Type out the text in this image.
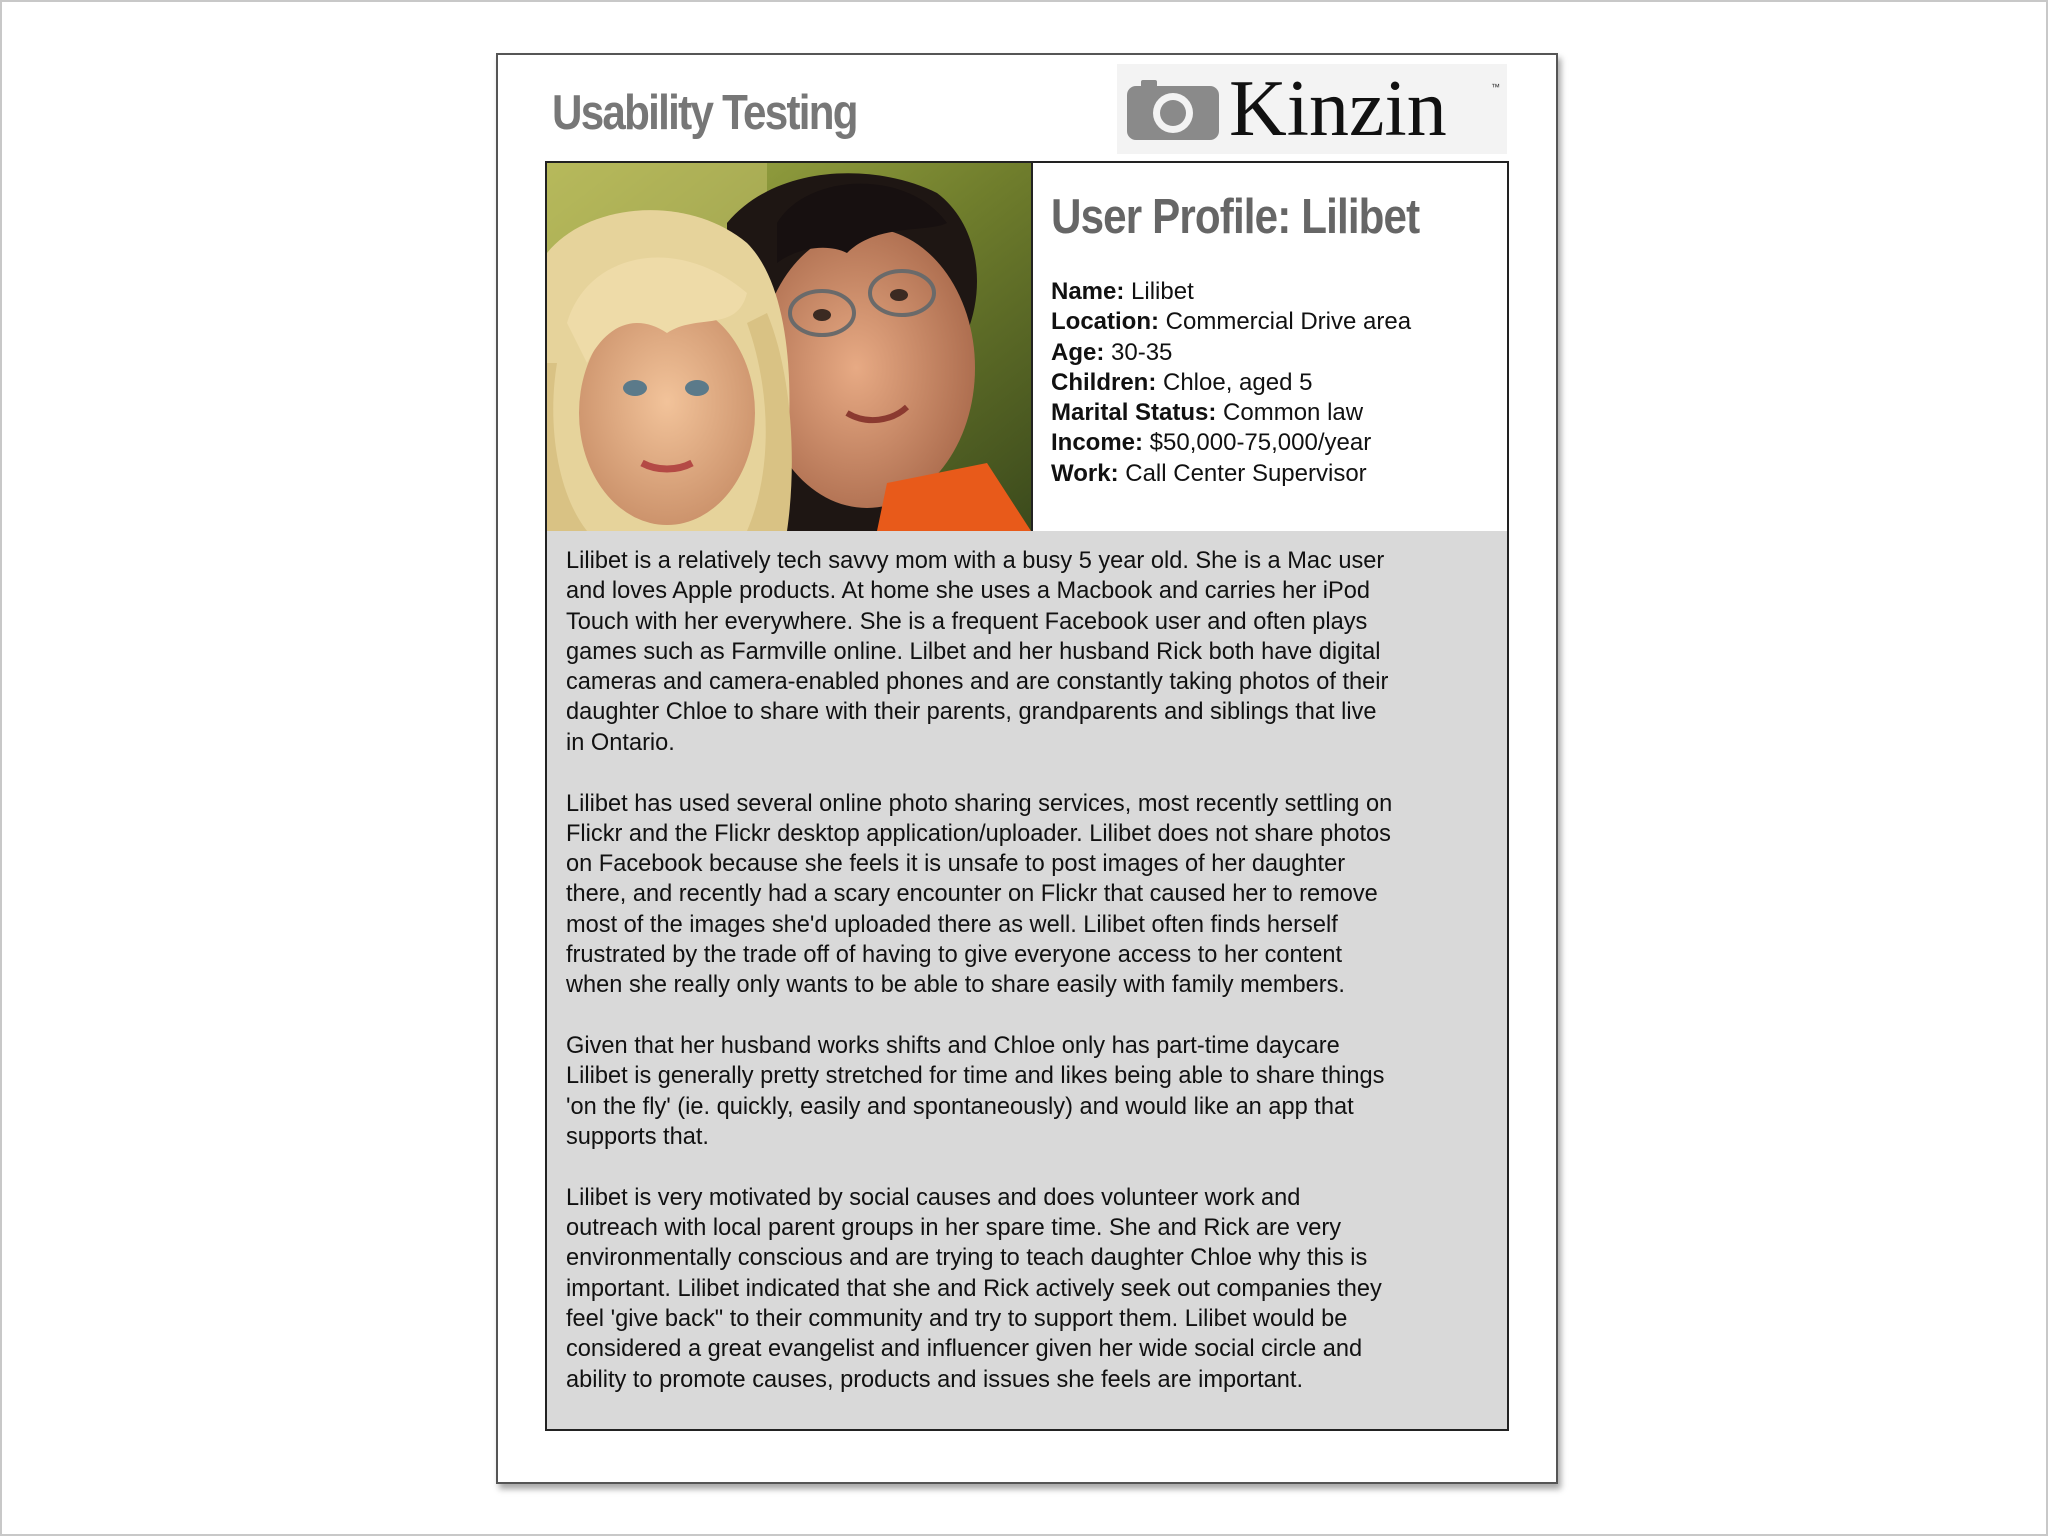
Usability Testing	Kinzin	™
User Profile: Lilibet
Name: Lilibet
Location: Commercial Drive area
Age: 30-35
Children: Chloe, aged 5
Marital Status: Common law
Income: $50,000-75,000/year
Work: Call Center Supervisor

Lilibet is a relatively tech savvy mom with a busy 5 year old. She is a Mac user
and loves Apple products. At home she uses a Macbook and carries her iPod
Touch with her everywhere. She is a frequent Facebook user and often plays
games such as Farmville online. Lilbet and her husband Rick both have digital
cameras and camera-enabled phones and are constantly taking photos of their
daughter Chloe to share with their parents, grandparents and siblings that live
in Ontario.

Lilibet has used several online photo sharing services, most recently settling on
Flickr and the Flickr desktop application/uploader. Lilibet does not share photos
on Facebook because she feels it is unsafe to post images of her daughter
there, and recently had a scary encounter on Flickr that caused her to remove
most of the images she'd uploaded there as well. Lilibet often finds herself
frustrated by the trade off of having to give everyone access to her content
when she really only wants to be able to share easily with family members.

Given that her husband works shifts and Chloe only has part-time daycare
Lilibet is generally pretty stretched for time and likes being able to share things
'on the fly' (ie. quickly, easily and spontaneously) and would like an app that
supports that.

Lilibet is very motivated by social causes and does volunteer work and
outreach with local parent groups in her spare time. She and Rick are very
environmentally conscious and are trying to teach daughter Chloe why this is
important. Lilibet indicated that she and Rick actively seek out companies they
feel 'give back" to their community and try to support them. Lilibet would be
considered a great evangelist and influencer given her wide social circle and
ability to promote causes, products and issues she feels are important.
